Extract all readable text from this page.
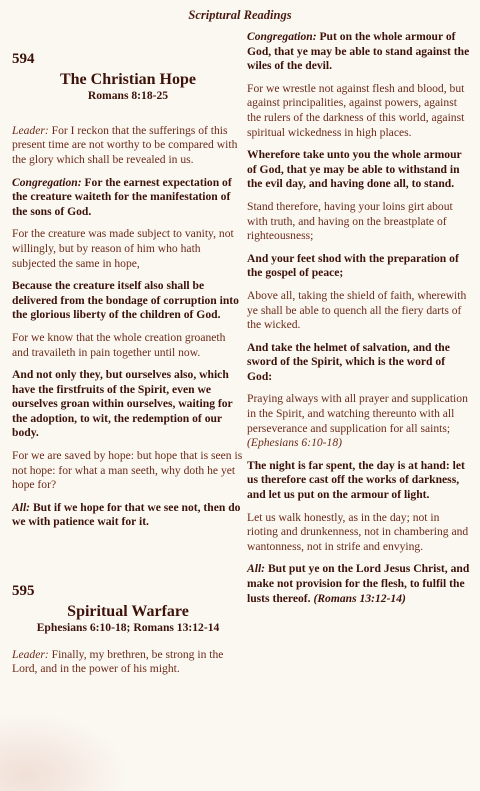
Scriptural Readings
594
The Christian Hope
Romans 8:18-25

Leader: For I reckon that the sufferings of this present time are not worthy to be compared with the glory which shall be revealed in us.

Congregation: For the earnest expectation of the creature waiteth for the manifestation of the sons of God.

For the creature was made subject to vanity, not willingly, but by reason of him who hath subjected the same in hope,

Because the creature itself also shall be delivered from the bondage of corruption into the glorious liberty of the children of God.

For we know that the whole creation groaneth and travaileth in pain together until now.

And not only they, but ourselves also, which have the firstfruits of the Spirit, even we ourselves groan within ourselves, waiting for the adoption, to wit, the redemption of our body.

For we are saved by hope: but hope that is seen is not hope: for what a man seeth, why doth he yet hope for?

All: But if we hope for that we see not, then do we with patience wait for it.

595
Spiritual Warfare
Ephesians 6:10-18; Romans 13:12-14

Leader: Finally, my brethren, be strong in the Lord, and in the power of his might.

Congregation: Put on the whole armour of God, that ye may be able to stand against the wiles of the devil.

For we wrestle not against flesh and blood, but against principalities, against powers, against the rulers of the darkness of this world, against spiritual wickedness in high places.

Wherefore take unto you the whole armour of God, that ye may be able to withstand in the evil day, and having done all, to stand.

Stand therefore, having your loins girt about with truth, and having on the breastplate of righteousness;

And your feet shod with the preparation of the gospel of peace;

Above all, taking the shield of faith, wherewith ye shall be able to quench all the fiery darts of the wicked.

And take the helmet of salvation, and the sword of the Spirit, which is the word of God:

Praying always with all prayer and supplication in the Spirit, and watching thereunto with all perseverance and supplication for all saints; (Ephesians 6:10-18)

The night is far spent, the day is at hand: let us therefore cast off the works of darkness, and let us put on the armour of light.

Let us walk honestly, as in the day; not in rioting and drunkenness, not in chambering and wantonness, not in strife and envying.

All: But put ye on the Lord Jesus Christ, and make not provision for the flesh, to fulfil the lusts thereof. (Romans 13:12-14)
